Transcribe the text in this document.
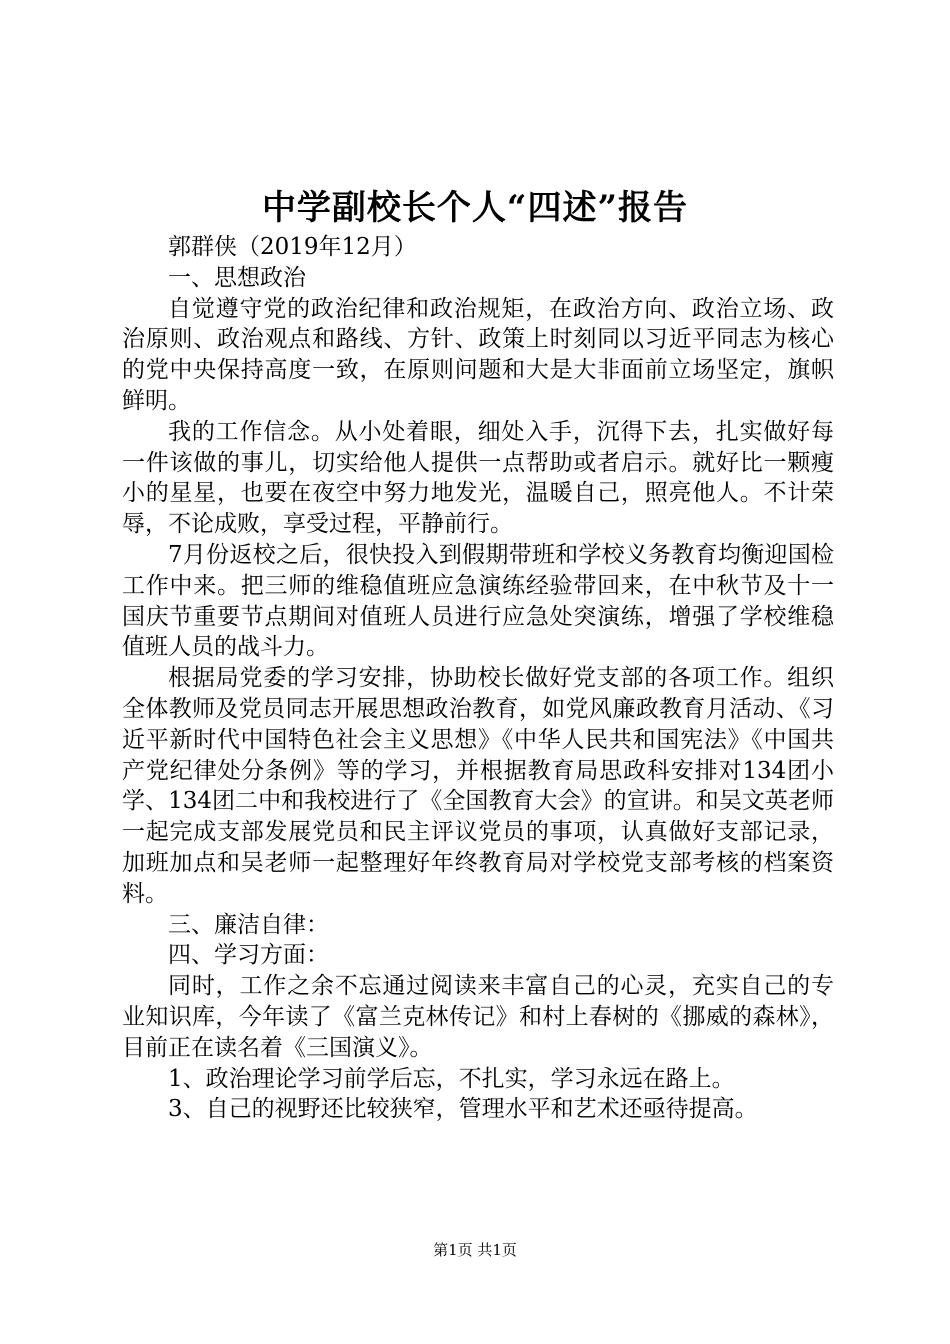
中学副校长个人“四述”报告

郭群侠（2019年12月）

一、思想政治

自觉遵守党的政治纪律和政治规矩，在政治方向、政治立场、政治原则、政治观点和路线、方针、政策上时刻同以习近平同志为核心的党中央保持高度一致，在原则问题和大是大非面前立场坚定，旗帜鲜明。

我的工作信念。从小处着眼，细处入手，沉得下去，扎实做好每一件该做的事儿，切实给他人提供一点帮助或者启示。就好比一颗瘦小的星星，也要在夜空中努力地发光，温暖自己，照亮他人。不计荣辱，不论成败，享受过程，平静前行。

7月份返校之后，很快投入到假期带班和学校义务教育均衡迎国检工作中来。把三师的维稳值班应急演练经验带回来，在中秋节及十一国庆节重要节点期间对值班人员进行应急处突演练，增强了学校维稳值班人员的战斗力。

根据局党委的学习安排，协助校长做好党支部的各项工作。组织全体教师及党员同志开展思想政治教育，如党风廉政教育月活动、《习近平新时代中国特色社会主义思想》《中华人民共和国宪法》《中国共产党纪律处分条例》等的学习，并根据教育局思政科安排对134团小学、134团二中和我校进行了《全国教育大会》的宣讲。和吴文英老师一起完成支部发展党员和民主评议党员的事项，认真做好支部记录，加班加点和吴老师一起整理好年终教育局对学校党支部考核的档案资料。

三、廉洁自律：

四、学习方面：

同时，工作之余不忘通过阅读来丰富自己的心灵，充实自己的专业知识库，今年读了《富兰克林传记》和村上春树的《挪威的森林》，目前正在读名着《三国演义》。

1、政治理论学习前学后忘，不扎实，学习永远在路上。

3、自己的视野还比较狭窄，管理水平和艺术还亟待提高。

第1页 共1页
